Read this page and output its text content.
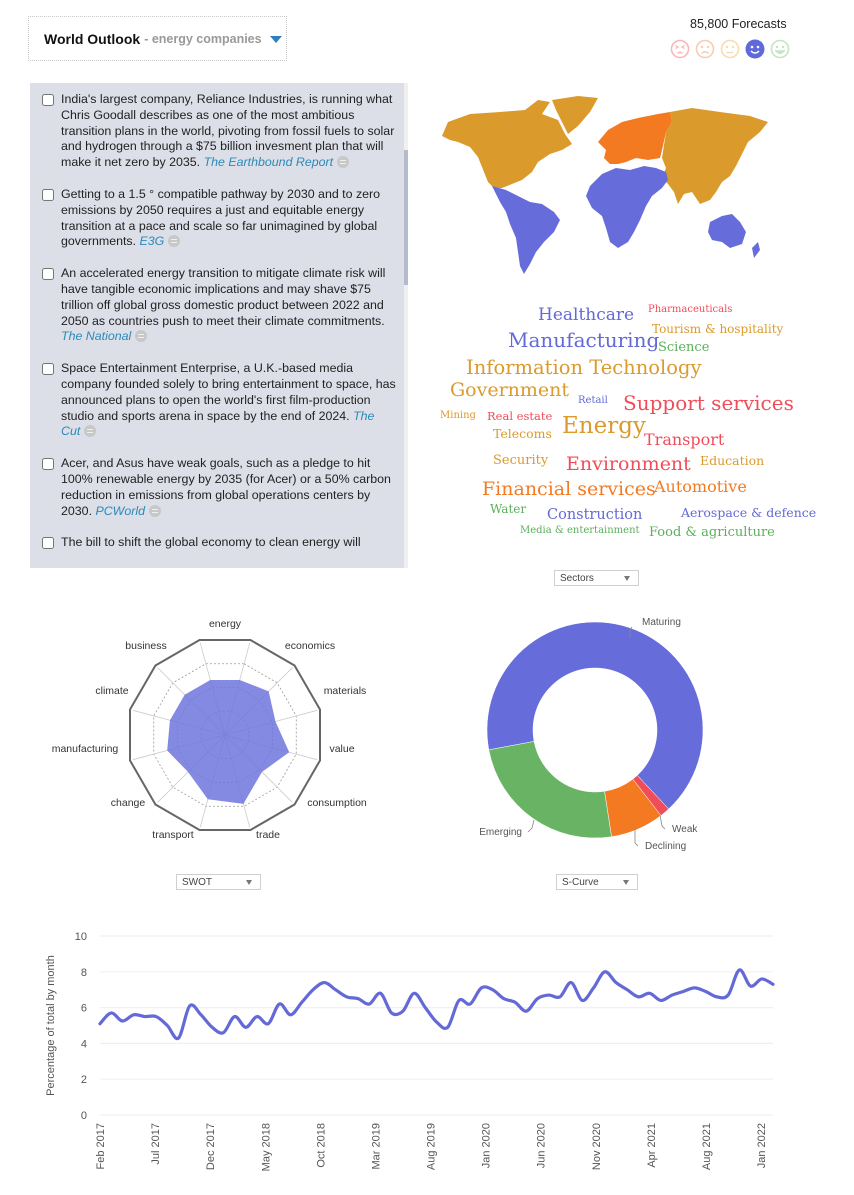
World Outlook - energy companies
85,800 Forecasts
India's largest company, Reliance Industries, is running what Chris Goodall describes as one of the most ambitious transition plans in the world, pivoting from fossil fuels to solar and hydrogen through a $75 billion invesment plan that will make it net zero by 2035. The Earthbound Report
Getting to a 1.5 ° compatible pathway by 2030 and to zero emissions by 2050 requires a just and equitable energy transition at a pace and scale so far unimagined by global governments. E3G
An accelerated energy transition to mitigate climate risk will have tangible economic implications and may shave $75 trillion off global gross domestic product between 2022 and 2050 as countries push to meet their climate commitments. The National
Space Entertainment Enterprise, a U.K.-based media company founded solely to bring entertainment to space, has announced plans to open the world's first film-production studio and sports arena in space by the end of 2024. The Cut
Acer, and Asus have weak goals, such as a pledge to hit 100% renewable energy by 2035 (for Acer) or a 50% carbon reduction in emissions from global operations centers by 2030. PCWorld
The bill to shift the global economy to clean energy will
Healthcare Pharmaceuticals
Manufacturing
Tourism & hospitality
Science
Information Technology
Government Retail Support services
Mining Real estate
Telecoms Energy
Transport
Security Environment Education
Financial services
Automotive
Water Construction	Aerospace & defence
Media & entertainment Food & agriculture
Sectors
energy
economics
materials
value
consumption
trade
transport
change
manufacturing
climate
business
SWOT
Maturing
Weak
Declining
Emerging
S-Curve
0
2
4
6
8
10
Percentage of total by month
Feb 2017	Jul 2017	Dec 2017	May 2018	Oct 2018	Mar 2019	Aug 2019	Jan 2020	Jun 2020	Nov 2020	Apr 2021	Aug 2021	Jan 2022
